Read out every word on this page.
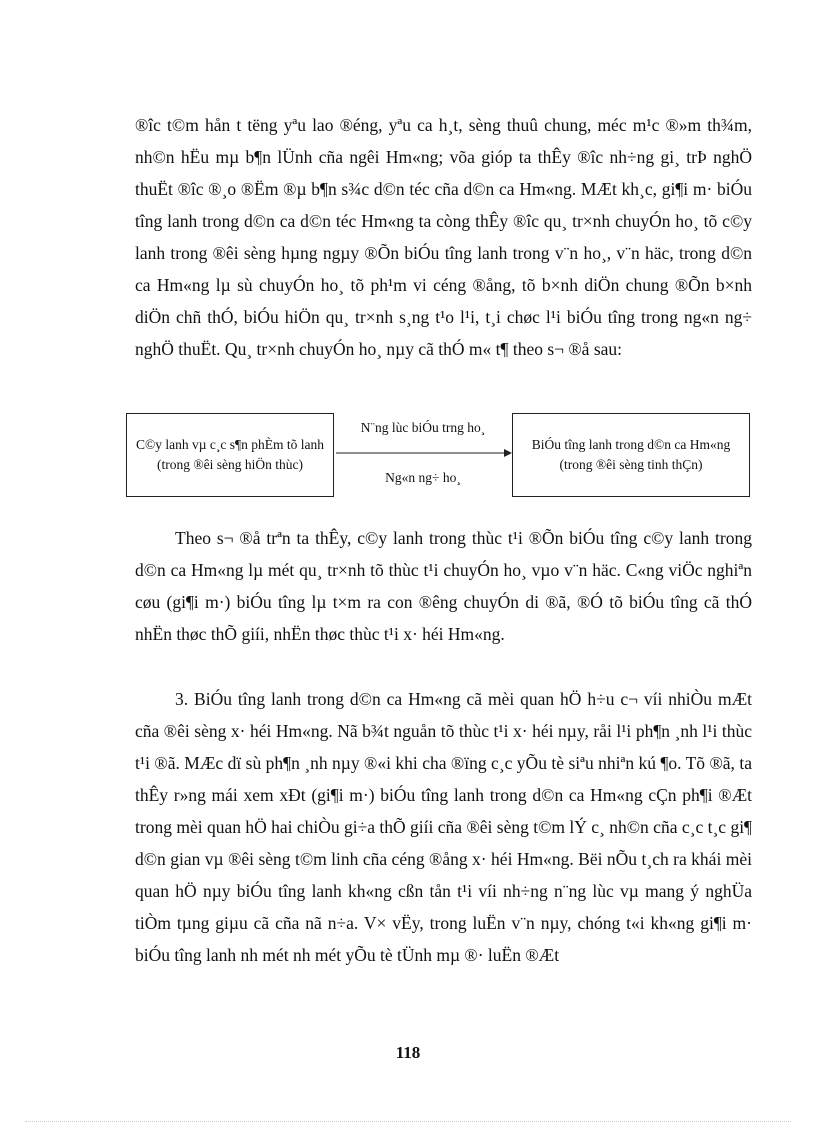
®îc t©m hån t tëng yªu lao ®éng, yªu ca h¸t, sèng thuû chung, méc m¹c ®»m th¾m, nh©n hËu mµ b¶n lÜnh cña ngêi Hm«ng; võa gióp ta thÊy ®îc nh÷ng gi¸ trÞ nghÖ thuËt ®îc ®¸o ®Ëm ®µ b¶n s¾c d©n téc cña d©n ca Hm«ng. MÆt kh¸c, gi¶i m· biÓu tîng lanh trong d©n ca d©n téc Hm«ng ta còng thÊy ®îc qu¸ tr×nh chuyÓn ho¸ tõ c©y lanh trong ®êi sèng hµng ngµy ®Õn biÓu tîng lanh trong v¨n ho¸, v¨n häc, trong d©n ca Hm«ng lµ sù chuyÓn ho¸ tõ ph¹m vi céng ®ång, tõ b×nh diÖn chung ®Õn b×nh diÖn chñ thÓ, biÓu hiÖn qu¸ tr×nh s¸ng t¹o l¹i, t¸i chøc l¹i biÓu tîng trong ng«n ng÷ nghÖ thuËt. Qu¸ tr×nh chuyÓn ho¸ nµy cã thÓ m« t¶ theo s¬ ®å sau:

C©y lanh vµ c¸c s¶n phÈm tõ lanh (trong ®êi sèng hiÖn thùc)
N¨ng lùc biÓu trng ho¸
Ng«n ng÷ ho¸
BiÓu tîng lanh trong d©n ca Hm«ng (trong ®êi sèng tinh thÇn)

Theo s¬ ®å trªn ta thÊy, c©y lanh trong thùc t¹i ®Õn biÓu tîng c©y lanh trong d©n ca Hm«ng lµ mét qu¸ tr×nh tõ thùc t¹i chuyÓn ho¸ vµo v¨n häc. C«ng viÖc nghiªn cøu (gi¶i m·) biÓu tîng lµ t×m ra con ®êng chuyÓn di ®ã, ®Ó tõ biÓu tîng cã thÓ nhËn thøc thÕ giíi, nhËn thøc thùc t¹i x· héi Hm«ng.

3. BiÓu tîng lanh trong d©n ca Hm«ng cã mèi quan hÖ h÷u c¬ víi nhiÒu mÆt cña ®êi sèng x· héi Hm«ng. Nã b¾t nguån tõ thùc t¹i x· héi nµy, råi l¹i ph¶n ¸nh l¹i thùc t¹i ®ã. MÆc dï sù ph¶n ¸nh nµy ®«i khi cha ®ïng c¸c yÕu tè siªu nhiªn kú ¶o. Tõ ®ã, ta thÊy r»ng mái xem xÐt (gi¶i m·) biÓu tîng lanh trong d©n ca Hm«ng cÇn ph¶i ®Æt trong mèi quan hÖ hai chiÒu gi÷a thÕ giíi cña ®êi sèng t©m lÝ c¸ nh©n cña c¸c t¸c gi¶ d©n gian vµ ®êi sèng t©m linh cña céng ®ång x· héi Hm«ng. Bëi nÕu t¸ch ra khái mèi quan hÖ nµy biÓu tîng lanh kh«ng cßn tån t¹i víi nh÷ng n¨ng lùc vµ mang ý nghÜa tiÒm tµng giµu cã cña nã n÷a. V× vËy, trong luËn v¨n nµy, chóng t«i kh«ng gi¶i m· biÓu tîng lanh nh mét nh mét yÕu tè tÜnh mµ ®· luËn ®Æt

118
